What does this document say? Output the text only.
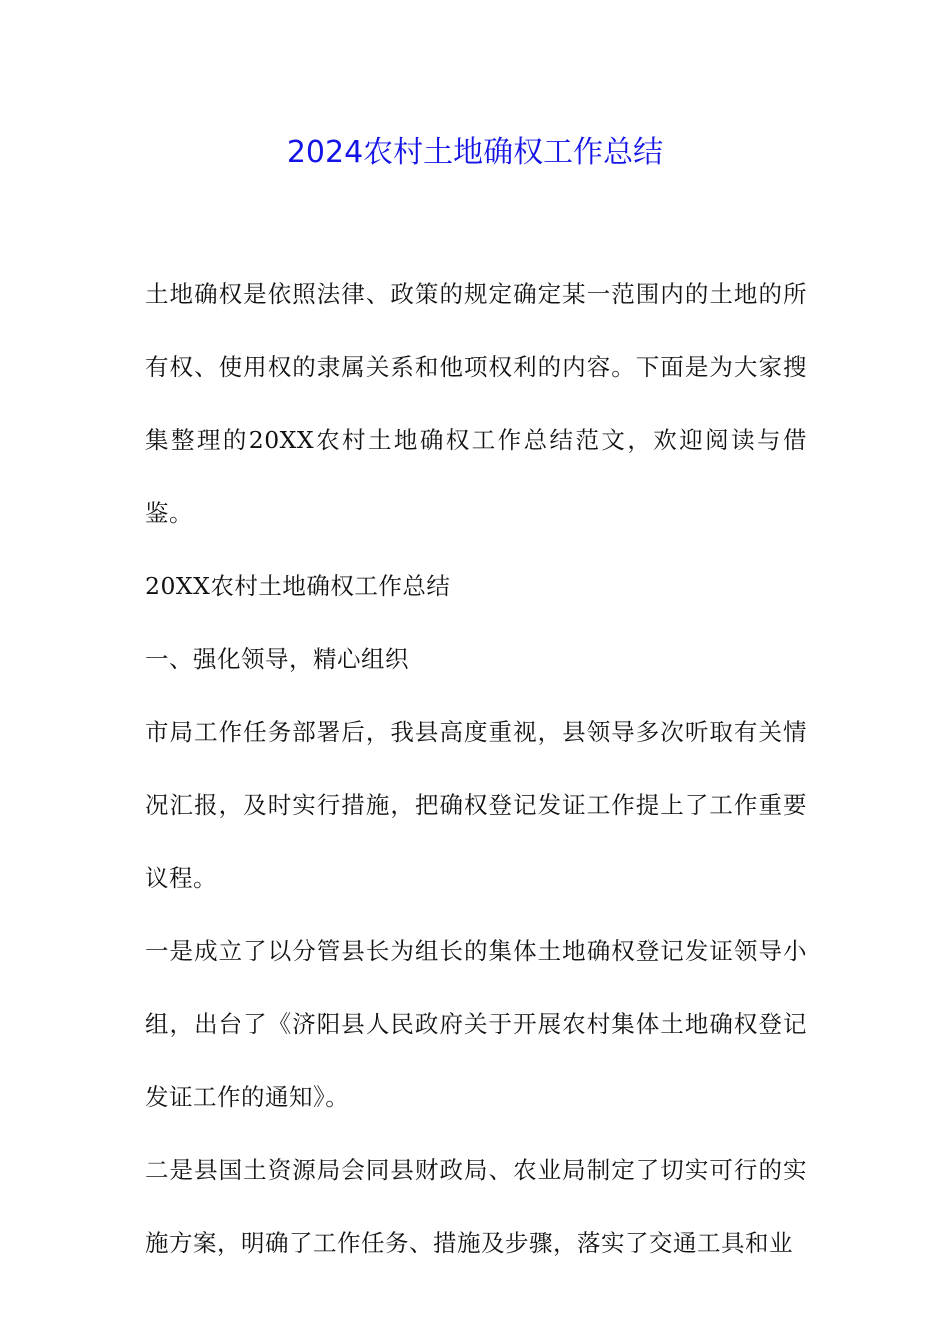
2024农村土地确权工作总结

土地确权是依照法律、政策的规定确定某一范围内的土地的所有权、使用权的隶属关系和他项权利的内容。下面是为大家搜集整理的20XX农村土地确权工作总结范文，欢迎阅读与借鉴。

20XX农村土地确权工作总结

一、强化领导，精心组织

市局工作任务部署后，我县高度重视，县领导多次听取有关情况汇报，及时实行措施，把确权登记发证工作提上了工作重要议程。

一是成立了以分管县长为组长的集体土地确权登记发证领导小组，出台了《济阳县人民政府关于开展农村集体土地确权登记发证工作的通知》。

二是县国土资源局会同县财政局、农业局制定了切实可行的实施方案，明确了工作任务、措施及步骤，落实了交通工具和业
